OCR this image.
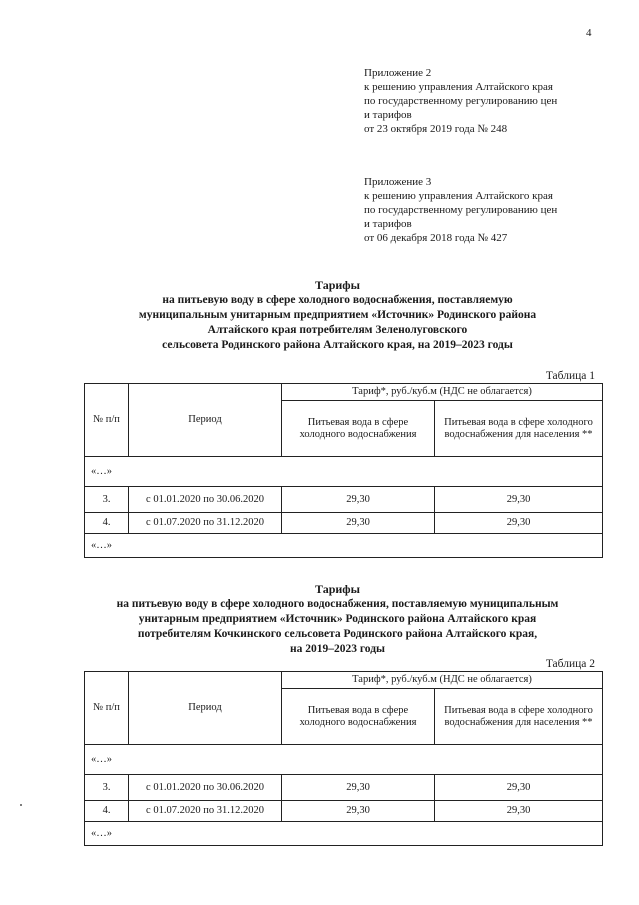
4
Приложение 2
к решению управления Алтайского края
по государственному регулированию цен
и тарифов
от 23 октября 2019 года № 248
Приложение 3
к решению управления Алтайского края
по государственному регулированию цен
и тарифов
от 06 декабря 2018 года № 427
Тарифы
на питьевую воду в сфере холодного водоснабжения, поставляемую
муниципальным унитарным предприятием «Источник» Родинского района
Алтайского края потребителям Зеленолуговского
сельсовета Родинского района Алтайского края, на 2019–2023 годы
Таблица 1
№ п/п	Период	Тариф*, руб./куб.м (НДС не облагается)	
		Питьевая вода в сфере холодного водоснабжения	Питьевая вода в сфере холодного водоснабжения для населения **
«…»			
3.	с 01.01.2020 по 30.06.2020	29,30	29,30
4.	с 01.07.2020 по 31.12.2020	29,30	29,30
«…»			
Тарифы
на питьевую воду в сфере холодного водоснабжения, поставляемую муниципальным
унитарным предприятием «Источник» Родинского района Алтайского края
потребителям Кочкинского сельсовета Родинского района Алтайского края,
на 2019–2023 годы
Таблица 2
№ п/п	Период	Тариф*, руб./куб.м (НДС не облагается)	
		Питьевая вода в сфере холодного водоснабжения	Питьевая вода в сфере холодного водоснабжения для населения **
«…»			
3.	с 01.01.2020 по 30.06.2020	29,30	29,30
4.	с 01.07.2020 по 31.12.2020	29,30	29,30
«…»			
